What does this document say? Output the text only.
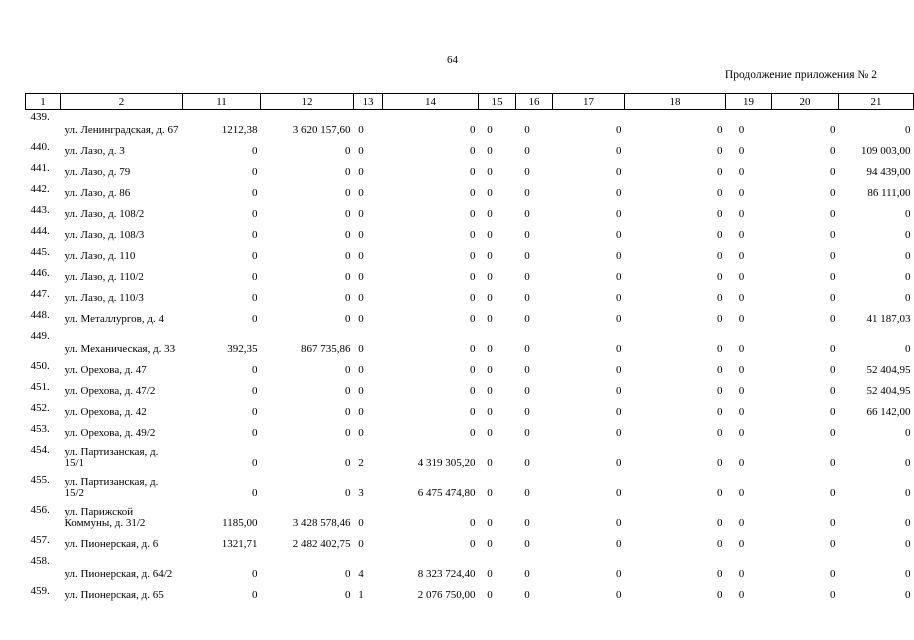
64
Продолжение приложения № 2
1	2	11	12	13	14	15	16	17	18	19	20	21
439.	ул. Ленинградская, д. 67	1212,38	3 620 157,60	0	0	0	0	0	0	0	0	0
440.	ул. Лазо, д. 3	0	0	0	0	0	0	0	0	0	0	109 003,00
441.	ул. Лазо, д. 79	0	0	0	0	0	0	0	0	0	0	94 439,00
442.	ул. Лазо, д. 86	0	0	0	0	0	0	0	0	0	0	86 111,00
443.	ул. Лазо, д. 108/2	0	0	0	0	0	0	0	0	0	0	0
444.	ул. Лазо, д. 108/3	0	0	0	0	0	0	0	0	0	0	0
445.	ул. Лазо, д. 110	0	0	0	0	0	0	0	0	0	0	0
446.	ул. Лазо, д. 110/2	0	0	0	0	0	0	0	0	0	0	0
447.	ул. Лазо, д. 110/3	0	0	0	0	0	0	0	0	0	0	0
448.	ул. Металлургов, д. 4	0	0	0	0	0	0	0	0	0	0	41 187,03
449.	ул. Механическая, д. 33	392,35	867 735,86	0	0	0	0	0	0	0	0	0
450.	ул. Орехова, д. 47	0	0	0	0	0	0	0	0	0	0	52 404,95
451.	ул. Орехова, д. 47/2	0	0	0	0	0	0	0	0	0	0	52 404,95
452.	ул. Орехова, д. 42	0	0	0	0	0	0	0	0	0	0	66 142,00
453.	ул. Орехова, д. 49/2	0	0	0	0	0	0	0	0	0	0	0
454.	ул. Партизанская, д. 15/1	0	0	2	4 319 305,20	0	0	0	0	0	0	0
455.	ул. Партизанская, д. 15/2	0	0	3	6 475 474,80	0	0	0	0	0	0	0
456.	ул. Парижской Коммуны, д. 31/2	1185,00	3 428 578,46	0	0	0	0	0	0	0	0	0
457.	ул. Пионерская, д. 6	1321,71	2 482 402,75	0	0	0	0	0	0	0	0	0
458.	ул. Пионерская, д. 64/2	0	0	4	8 323 724,40	0	0	0	0	0	0	0
459.	ул. Пионерская, д. 65	0	0	1	2 076 750,00	0	0	0	0	0	0	0
